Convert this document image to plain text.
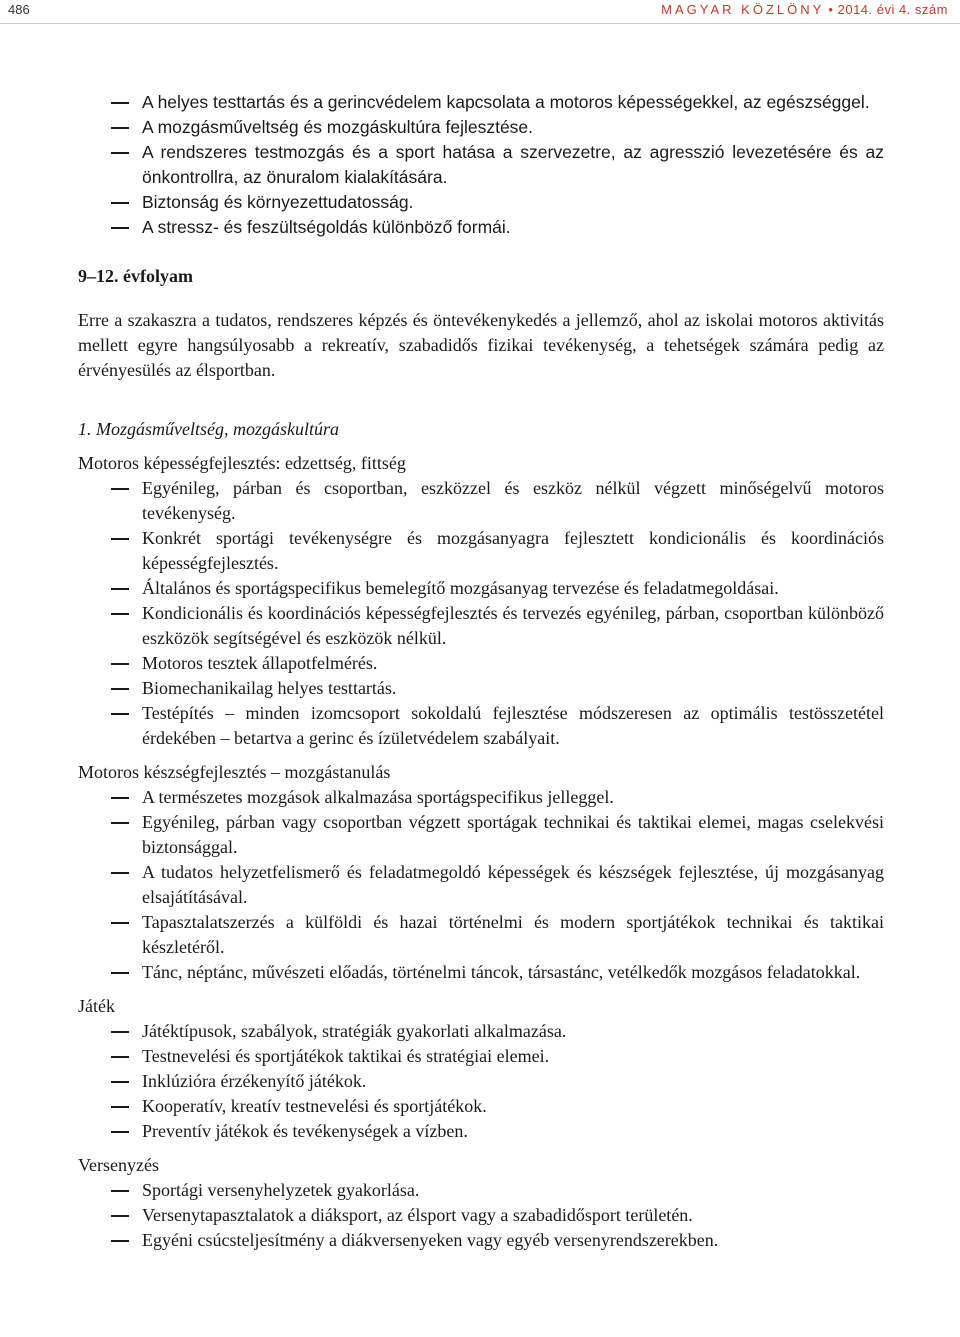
486	MAGYAR KÖZLÖNY • 2014. évi 4. szám
A helyes testtartás és a gerincvédelem kapcsolata a motoros képességekkel, az egészséggel.
A mozgásműveltség és mozgáskultúra fejlesztése.
A rendszeres testmozgás és a sport hatása a szervezetre, az agresszió levezetésére és az önkontrollra, az önuralom kialakítására.
Biztonság és környezettudatosság.
A stressz- és feszültségoldás különböző formái.
9–12. évfolyam
Erre a szakaszra a tudatos, rendszeres képzés és öntevékenykedés a jellemző, ahol az iskolai motoros aktivitás mellett egyre hangsúlyosabb a rekreatív, szabadidős fizikai tevékenység, a tehetségek számára pedig az érvényesülés az élsportban.
1. Mozgásműveltség, mozgáskultúra
Motoros képességfejlesztés: edzettség, fittség
Egyénileg, párban és csoportban, eszközzel és eszköz nélkül végzett minőségelvű motoros tevékenység.
Konkrét sportági tevékenységre és mozgásanyagra fejlesztett kondicionális és koordinációs képességfejlesztés.
Általános és sportágspecifikus bemelegítő mozgásanyag tervezése és feladatmegoldásai.
Kondicionális és koordinációs képességfejlesztés és tervezés egyénileg, párban, csoportban különböző eszközök segítségével és eszközök nélkül.
Motoros tesztek állapotfelmérés.
Biomechanikailag helyes testtartás.
Testépítés – minden izomcsoport sokoldalú fejlesztése módszeresen az optimális testösszetétel érdekében – betartva a gerinc és ízületvédelem szabályait.
Motoros készségfejlesztés – mozgástanulás
A természetes mozgások alkalmazása sportágspecifikus jelleggel.
Egyénileg, párban vagy csoportban végzett sportágak technikai és taktikai elemei, magas cselekvési biztonsággal.
A tudatos helyzetfelismerő és feladatmegoldó képességek és készségek fejlesztése, új mozgásanyag elsajátításával.
Tapasztalatszerzés a külföldi és hazai történelmi és modern sportjátékok technikai és taktikai készletéről.
Tánc, néptánc, művészeti előadás, történelmi táncok, társastánc, vetélkedők mozgásos feladatokkal.
Játék
Játéktípusok, szabályok, stratégiák gyakorlati alkalmazása.
Testnevelési és sportjátékok taktikai és stratégiai elemei.
Inklúzióra érzékenyítő játékok.
Kooperatív, kreatív testnevelési és sportjátékok.
Preventív játékok és tevékenységek a vízben.
Versenyzés
Sportági versenyhelyzetek gyakorlása.
Versenytapasztalatok a diáksport, az élsport vagy a szabadidősport területén.
Egyéni csúcsteljesítmény a diákversenyeken vagy egyéb versenyrendszerekben.
